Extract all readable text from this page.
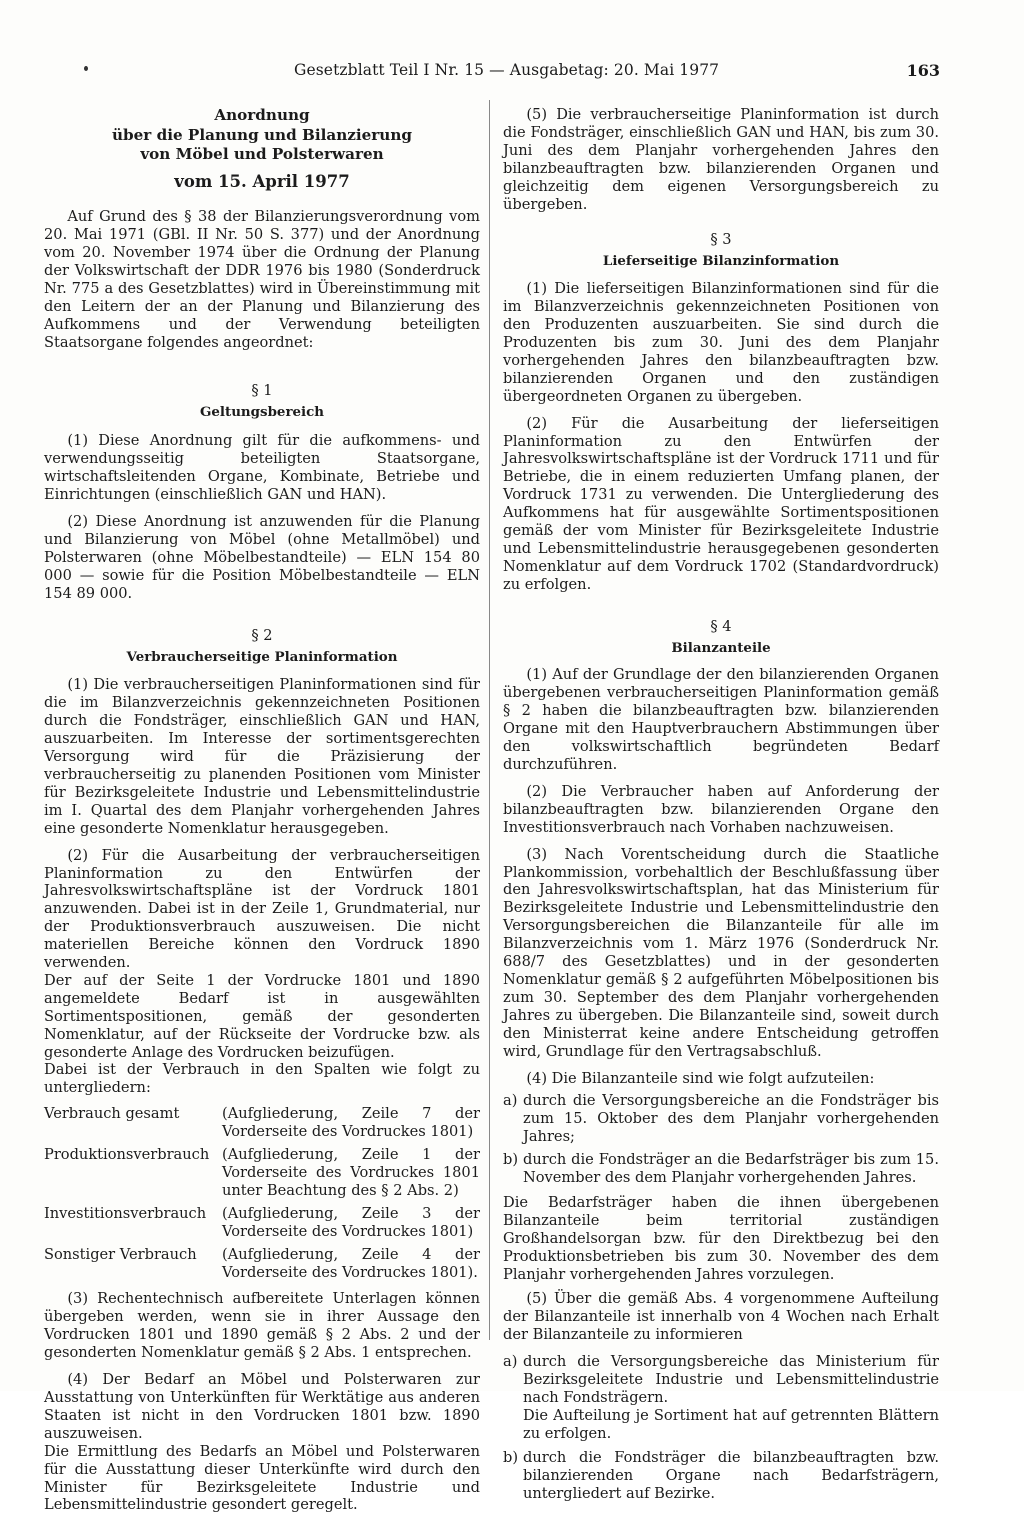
Gesetzblatt Teil I Nr. 15 — Ausgabetag: 20. Mai 1977	163

Anordnung

über die Planung und Bilanzierung

von Möbel und Polsterwaren

vom 15. April 1977

Auf Grund des § 38 der Bilanzierungsverordnung vom 20. Mai 1971 (GBl. II Nr. 50 S. 377) und der Anordnung vom 20. November 1974 über die Ordnung der Planung der Volkswirtschaft der DDR 1976 bis 1980 (Sonderdruck Nr. 775 a des Gesetzblattes) wird in Übereinstimmung mit den Leitern der an der Planung und Bilanzierung des Aufkommens und der Verwendung beteiligten Staatsorgane folgendes angeordnet:

§ 1

Geltungsbereich

(1) Diese Anordnung gilt für die aufkommens- und verwendungsseitig beteiligten Staatsorgane, wirtschaftsleitenden Organe, Kombinate, Betriebe und Einrichtungen (einschließlich GAN und HAN).

(2) Diese Anordnung ist anzuwenden für die Planung und Bilanzierung von Möbel (ohne Metallmöbel) und Polsterwaren (ohne Möbelbestandteile) — ELN 154 80 000 — sowie für die Position Möbelbestandteile — ELN 154 89 000.

§ 2

Verbraucherseitige Planinformation

(1) Die verbraucherseitigen Planinformationen sind für die im Bilanzverzeichnis gekennzeichneten Positionen durch die Fondsträger, einschließlich GAN und HAN, auszuarbeiten. Im Interesse der sortimentsgerechten Versorgung wird für die Präzisierung der verbraucherseitig zu planenden Positionen vom Minister für Bezirksgeleitete Industrie und Lebensmittelindustrie im I. Quartal des dem Planjahr vorhergehenden Jahres eine gesonderte Nomenklatur herausgegeben.

(2) Für die Ausarbeitung der verbraucherseitigen Planinformation zu den Entwürfen der Jahresvolkswirtschaftspläne ist der Vordruck 1801 anzuwenden. Dabei ist in der Zeile 1, Grundmaterial, nur der Produktionsverbrauch auszuweisen. Die nicht materiellen Bereiche können den Vordruck 1890 verwenden.

Der auf der Seite 1 der Vordrucke 1801 und 1890 angemeldete Bedarf ist in ausgewählten Sortimentspositionen, gemäß der gesonderten Nomenklatur, auf der Rückseite der Vordrucke bzw. als gesonderte Anlage des Vordrucken beizufügen.

Dabei ist der Verbrauch in den Spalten wie folgt zu untergliedern:

Verbrauch gesamt	(Aufgliederung, Zeile 7 der Vorderseite des Vordruckes 1801)
Produktionsverbrauch (Aufgliederung, Zeile 1 der Vorderseite des Vordruckes 1801 unter Beachtung des § 2 Abs. 2)
Investitionsverbrauch	(Aufgliederung, Zeile 3 der Vorderseite des Vordruckes 1801)
Sonstiger Verbrauch	(Aufgliederung, Zeile 4 der Vorderseite des Vordruckes 1801).

(3) Rechentechnisch aufbereitete Unterlagen können übergeben werden, wenn sie in ihrer Aussage den Vordrucken 1801 und 1890 gemäß § 2 Abs. 2 und der gesonderten Nomenklatur gemäß § 2 Abs. 1 entsprechen.

(4) Der Bedarf an Möbel und Polsterwaren zur Ausstattung von Unterkünften für Werktätige aus anderen Staaten ist nicht in den Vordrucken 1801 bzw. 1890 auszuweisen.

Die Ermittlung des Bedarfs an Möbel und Polsterwaren für die Ausstattung dieser Unterkünfte wird durch den Minister für Bezirksgeleitete Industrie und Lebensmittelindustrie gesondert geregelt.

(5) Die verbraucherseitige Planinformation ist durch die Fondsträger, einschließlich GAN und HAN, bis zum 30. Juni des dem Planjahr vorhergehenden Jahres den bilanzbeauftragten bzw. bilanzierenden Organen und gleichzeitig dem eigenen Versorgungsbereich zu übergeben.

§ 3

Lieferseitige Bilanzinformation

(1) Die lieferseitigen Bilanzinformationen sind für die im Bilanzverzeichnis gekennzeichneten Positionen von den Produzenten auszuarbeiten. Sie sind durch die Produzenten bis zum 30. Juni des dem Planjahr vorhergehenden Jahres den bilanzbeauftragten bzw. bilanzierenden Organen und den zuständigen übergeordneten Organen zu übergeben.

(2) Für die Ausarbeitung der lieferseitigen Planinformation zu den Entwürfen der Jahresvolkswirtschaftspläne ist der Vordruck 1711 und für Betriebe, die in einem reduzierten Umfang planen, der Vordruck 1731 zu verwenden. Die Untergliederung des Aufkommens hat für ausgewählte Sortimentspositionen gemäß der vom Minister für Bezirksgeleitete Industrie und Lebensmittelindustrie herausgegebenen gesonderten Nomenklatur auf dem Vordruck 1702 (Standardvordruck) zu erfolgen.

§ 4

Bilanzanteile

(1) Auf der Grundlage der den bilanzierenden Organen übergebenen verbraucherseitigen Planinformation gemäß § 2 haben die bilanzbeauftragten bzw. bilanzierenden Organe mit den Hauptverbrauchern Abstimmungen über den volkswirtschaftlich begründeten Bedarf durchzuführen.

(2) Die Verbraucher haben auf Anforderung der bilanzbeauftragten bzw. bilanzierenden Organe den Investitionsverbrauch nach Vorhaben nachzuweisen.

(3) Nach Vorentscheidung durch die Staatliche Plankommission, vorbehaltlich der Beschlußfassung über den Jahresvolkswirtschaftsplan, hat das Ministerium für Bezirksgeleitete Industrie und Lebensmittelindustrie den Versorgungsbereichen die Bilanzanteile für alle im Bilanzverzeichnis vom 1. März 1976 (Sonderdruck Nr. 688/7 des Gesetzblattes) und in der gesonderten Nomenklatur gemäß § 2 aufgeführten Möbelpositionen bis zum 30. September des dem Planjahr vorhergehenden Jahres zu übergeben. Die Bilanzanteile sind, soweit durch den Ministerrat keine andere Entscheidung getroffen wird, Grundlage für den Vertragsabschluß.

(4) Die Bilanzanteile sind wie folgt aufzuteilen:

a) durch die Versorgungsbereiche an die Fondsträger bis zum 15. Oktober des dem Planjahr vorhergehenden Jahres;
b) durch die Fondsträger an die Bedarfsträger bis zum 15. November des dem Planjahr vorhergehenden Jahres.

Die Bedarfsträger haben die ihnen übergebenen Bilanzanteile beim territorial zuständigen Großhandelsorgan bzw. für den Direktbezug bei den Produktionsbetrieben bis zum 30. November des dem Planjahr vorhergehenden Jahres vorzulegen.

(5) Über die gemäß Abs. 4 vorgenommene Aufteilung der Bilanzanteile ist innerhalb von 4 Wochen nach Erhalt der Bilanzanteile zu informieren

a) durch die Versorgungsbereiche das Ministerium für Bezirksgeleitete Industrie und Lebensmittelindustrie nach Fondsträgern.

Die Aufteilung je Sortiment hat auf getrennten Blättern zu erfolgen.

b) durch die Fondsträger die bilanzbeauftragten bzw. bilanzierenden Organe nach Bedarfsträgern, untergliedert auf Bezirke.
